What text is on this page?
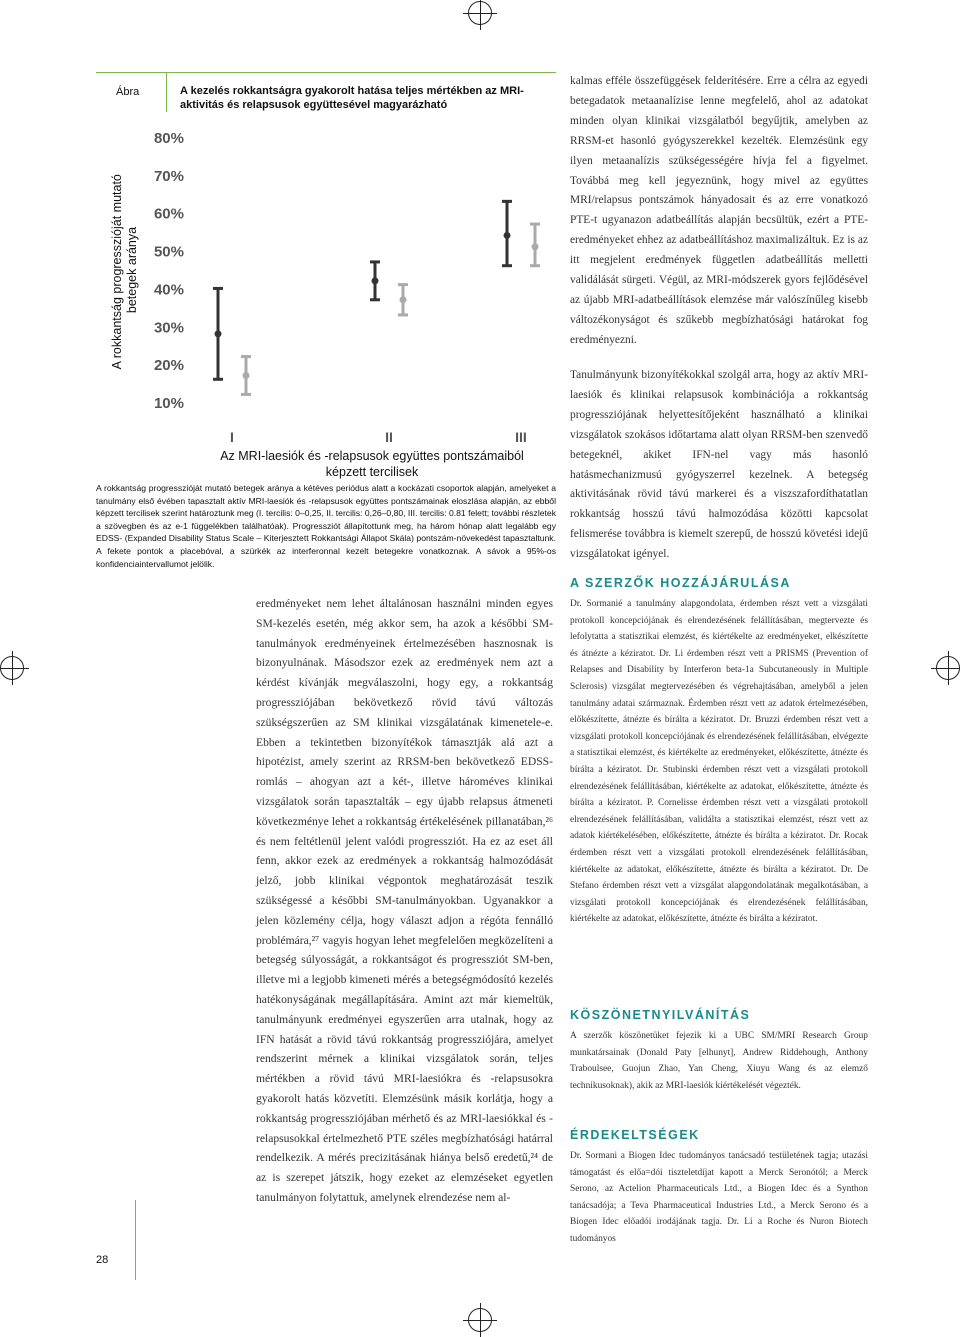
Ábra	A kezelés rokkantságra gyakorolt hatása teljes mértékben az MRI-aktivitás és relapsusok együttesével magyarázható
A rokkantság progresszióját mutató betegek aránya
10%
20%
30%
40%
50%
60%
70%
80%
I	II	III
Az MRI-laesiók és -relapsusok együttes pontszámaiból
képzett tercilisek
A rokkantság progresszióját mutató betegek aránya a kétéves periódus alatt a kockázati csoportok alapján, amelyeket a tanulmány első évében tapasztalt aktív MRI-laesiók és -relapsusok együttes pontszámainak eloszlása alapján, az ebből képzett tercilisek szerint határoztunk meg (I. tercilis: 0–0,25, II. tercilis: 0,26–0,80, III. tercilis: 0.81 felett; további részletek a szövegben és az e-1 függelékben találhatóak). Progressziót állapítottunk meg, ha három hónap alatt legalább egy EDSS- (Expanded Disability Status Scale – Kiterjesztett Rokkantsági Állapot Skála) pontszám-növekedést tapasztaltunk. A fekete pontok a placebóval, a szürkék az interferonnal kezelt betegekre vonatkoznak. A sávok a 95%-os konfidenciaintervallumot jelölik.
eredményeket nem lehet általánosan használni minden egyes SM-kezelés esetén, még akkor sem, ha azok a későbbi SM-tanulmányok eredményeinek értelmezésében hasznosnak is bizonyulnának. Másodszor ezek az eredmények nem azt a kérdést kívánják megválaszolni, hogy egy, a rokkantság progressziójában bekövetkező rövid távú változás szükségszerűen az SM klinikai vizsgálatának kimenetele-e. Ebben a tekintetben bizonyítékok támasztják alá azt a hipotézist, amely szerint az RRSM-ben bekövetkező EDSS-romlás – ahogyan azt a két-, illetve hároméves klinikai vizsgálatok során tapasztalták – egy újabb relapsus átmeneti következménye lehet a rokkantság értékelésének pillanatában,²⁶ és nem feltétlenül jelent valódi progressziót. Ha ez az eset áll fenn, akkor ezek az eredmények a rokkantság halmozódását jelző, jobb klinikai végpontok meghatározását teszik szükségessé a későbbi SM-tanulmányokban. Ugyanakkor a jelen közlemény célja, hogy választ adjon a régóta fennálló problémára,²⁷ vagyis hogyan lehet megfelelően megközelíteni a betegség súlyosságát, a rokkantságot és progressziót SM-ben, illetve mi a legjobb kimeneti mérés a betegségmódosító kezelés hatékonyságának megállapítására. Amint azt már kiemeltük, tanulmányunk eredményei egyszerűen arra utalnak, hogy az IFN hatását a rövid távú rokkantság progressziójára, amelyet rendszerint mérnek a klinikai vizsgálatok során, teljes mértékben a rövid távú MRI-laesiókra és -relapsusokra gyakorolt hatás közvetíti. Elemzésünk másik korlátja, hogy a rokkantság progressziójában mérhető és az MRI-laesiókkal és -relapsusokkal értelmezhető PTE széles megbízhatósági határral rendelkezik. A mérés precizitásának hiánya belső eredetű,²⁴ de az is szerepet játszik, hogy ezeket az elemzéseket egyetlen tanulmányon folytattuk, amelynek elrendezése nem al-
kalmas efféle összefüggések felderítésére. Erre a célra az egyedi betegadatok metaanalízise lenne megfelelő, ahol az adatokat minden olyan klinikai vizsgálatból begyűjtik, amelyben az RRSM-et hasonló gyógyszerekkel kezelték. Elemzésünk egy ilyen metaanalízis szükségességére hívja fel a figyelmet. Továbbá meg kell jegyeznünk, hogy mivel az együttes MRI/relapsus pontszámok hányadosait és az erre vonatkozó PTE-t ugyanazon adatbeállítás alapján becsültük, ezért a PTE-eredményeket ehhez az adatbeállításhoz maximalizáltuk. Ez is az itt megjelent eredmények független adatbeállítás melletti validálását sürgeti. Végül, az MRI-módszerek gyors fejlődésével az újabb MRI-adatbeállítások elemzése már valószínűleg kisebb változékonyságot és szűkebb megbízhatósági határokat fog eredményezni.
Tanulmányunk bizonyítékokkal szolgál arra, hogy az aktív MRI-laesiók és klinikai relapsusok kombinációja a rokkantság progressziójának helyettesítőjeként használható a klinikai vizsgálatok szokásos időtartama alatt olyan RRSM-ben szenvedő betegeknél, akiket IFN-nel vagy más hasonló hatásmechanizmusú gyógyszerrel kezelnek. A betegség aktivitásának rövid távú markerei és a viszszafordíthatatlan rokkantság hosszú távú halmozódása közötti kapcsolat felismerése továbbra is kiemelt szerepű, de hosszú követési idejű vizsgálatokat igényel.
A SZERZŐK HOZZÁJÁRULÁSA
Dr. Sormanié a tanulmány alapgondolata, érdemben részt vett a vizsgálati protokoll koncepciójának és elrendezésének felállításában, megtervezte és lefolytatta a statisztikai elemzést, és kiértékelte az eredményeket, elkészítette és átnézte a kéziratot. Dr. Li érdemben részt vett a PRISMS (Prevention of Relapses and Disability by Interferon beta-1a Subcutaneously in Multiple Sclerosis) vizsgálat megtervezésében és végrehajtásában, amelyből a jelen tanulmány adatai származnak. Érdemben részt vett az adatok értelmezésében, előkészítette, átnézte és bírálta a kéziratot. Dr. Bruzzi érdemben részt vett a vizsgálati protokoll koncepciójának és elrendezésének felállításában, elvégezte a statisztikai elemzést, és kiértékelte az eredményeket, előkészítette, átnézte és bírálta a kéziratot. Dr. Stubinski érdemben részt vett a vizsgálati protokoll elrendezésének felállításában, kiértékelte az adatokat, előkészítette, átnézte és bírálta a kéziratot. P. Cornelisse érdemben részt vett a vizsgálati protokoll elrendezésének felállításában, validálta a statisztikai elemzést, részt vett az adatok kiértékelésében, előkészítette, átnézte és bírálta a kéziratot. Dr. Rocak érdemben részt vett a vizsgálati protokoll elrendezésének felállításában, kiértékelte az adatokat, előkészítette, átnézte és bírálta a kéziratot. Dr. De Stefano érdemben részt vett a vizsgálat alapgondolatának megalkotásában, a vizsgálati protokoll koncepciójának és elrendezésének felállításában, kiértékelte az adatokat, előkészítette, átnézte és bírálta a kéziratot.
KÖSZÖNETNYILVÁNÍTÁS
A szerzők köszönetüket fejezik ki a UBC SM/MRI Research Group munkatársainak (Donald Paty [elhunyt], Andrew Riddehough, Anthony Traboulsee, Guojun Zhao, Yan Cheng, Xiuyu Wang és az elemző technikusoknak), akik az MRI-laesiók kiértékelését végezték.
ÉRDEKELTSÉGEK
Dr. Sormani a Biogen Idec tudományos tanácsadó testületének tagja; utazási támogatást és előa=dói tiszteletdíjat kapott a Merck Seronótól; a Merck Serono, az Actelion Pharmaceuticals Ltd., a Biogen Idec és a Synthon tanácsadója; a Teva Pharmaceutical Industries Ltd., a Merck Serono és a Biogen Idec előadói irodájának tagja. Dr. Li a Roche és Nuron Biotech tudományos
28
